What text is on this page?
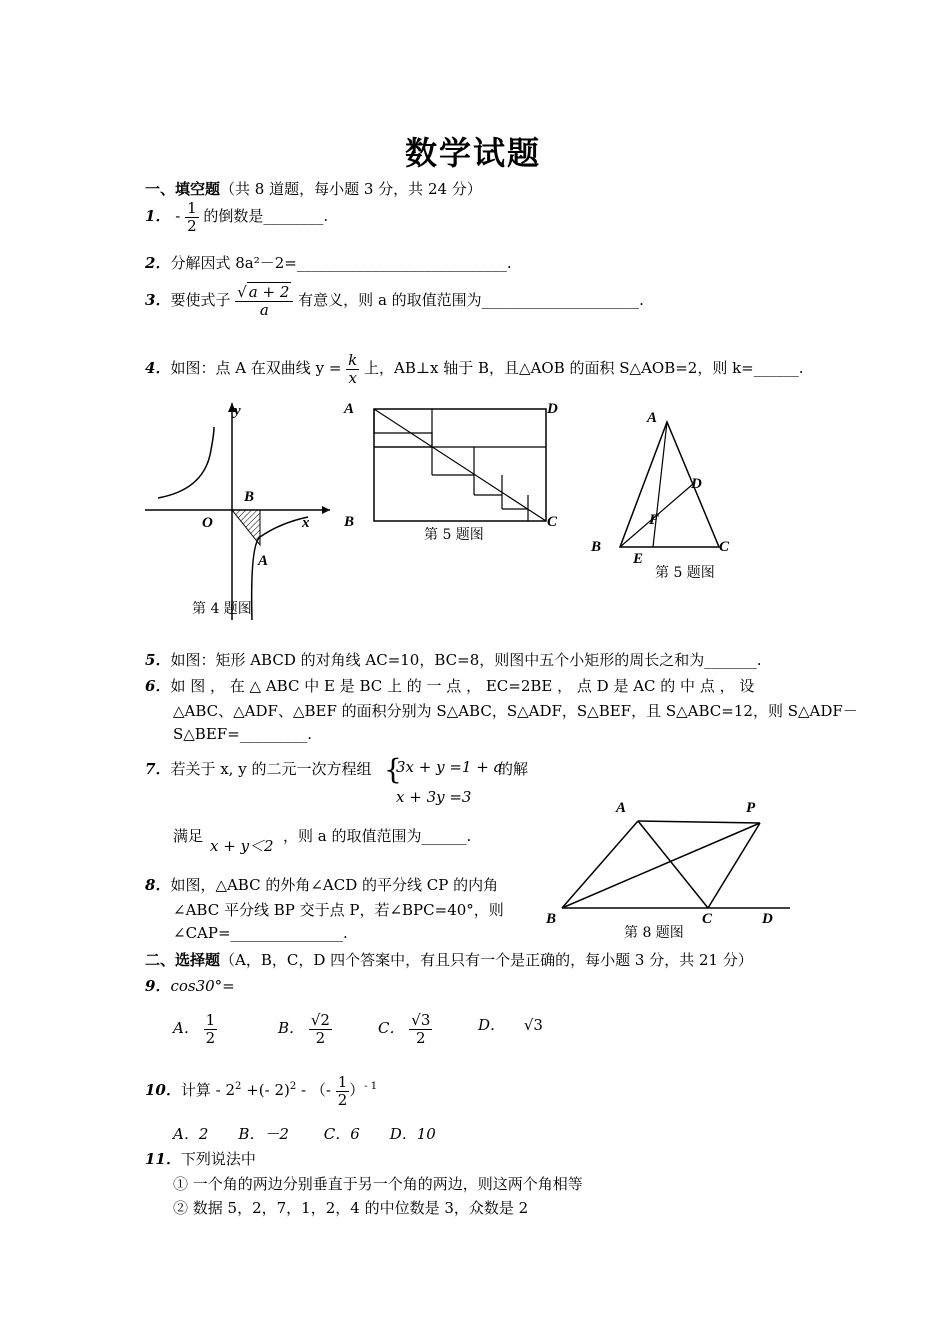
数学试题
一、填空题（共 8 道题，每小题 3 分，共 24 分）
1． - $\frac{1}{2}$ 的倒数是________.
2．分解因式 8a²－2=____________________________.
3．要使式子 $\frac{√ a + 2}{a}$ 有意义，则 a 的取值范围为_____________________.
4．如图：点 A 在双曲线 $y = \frac{k}{x}$ 上，AB⊥x 轴于 B，且△AOB 的面积 S△AOB=2，则 k=______.
y
x
O
B
A
第 4 题图
A	D
B	C
第 5 题图
A
D
F
B
E
C
第 5 题图
5．如图：矩形 ABCD 的对角线 AC=10，BC=8，则图中五个小矩形的周长之和为_______.
6．如 图 ， 在 △ ABC 中 E 是 BC 上 的 一 点 ， EC=2BE ， 点 D 是 AC 的 中 点 ， 设
△ABC、△ADF、△BEF 的面积分别为 S△ABC，S△ADF，S△BEF，且 S△ABC=12，则 S△ADF－
S△BEF=_________.
7．若关于 x, y 的二元一次方程组 {
3x + y =1 + a
x + 3y =3
的解
满足
x + y＜2
，则 a 的取值范围为______.
A	P
B	C	D
第 8 题图
8．如图，△ABC 的外角∠ACD 的平分线 CP 的内角
∠ABC 平分线 BP 交于点 P，若∠BPC=40°，则
∠CAP=_______________.
二、选择题（A，B，C，D 四个答案中，有且只有一个是正确的，每小题 3 分，共 21 分）
9．cos30°=
A． $\frac{1}{2}$	B． $\frac{√2}{2}$	C． $\frac{√3}{2}$	D． √3
10．计算 - $2^2$ +(- 2)$^2$ - （- $\frac{1}{2} )^{- 1}$
A．2　　B．－2　　 C．6　　D．10
11．下列说法中
① 一个角的两边分别垂直于另一个角的两边，则这两个角相等
② 数据 5，2，7，1，2，4 的中位数是 3，众数是 2
